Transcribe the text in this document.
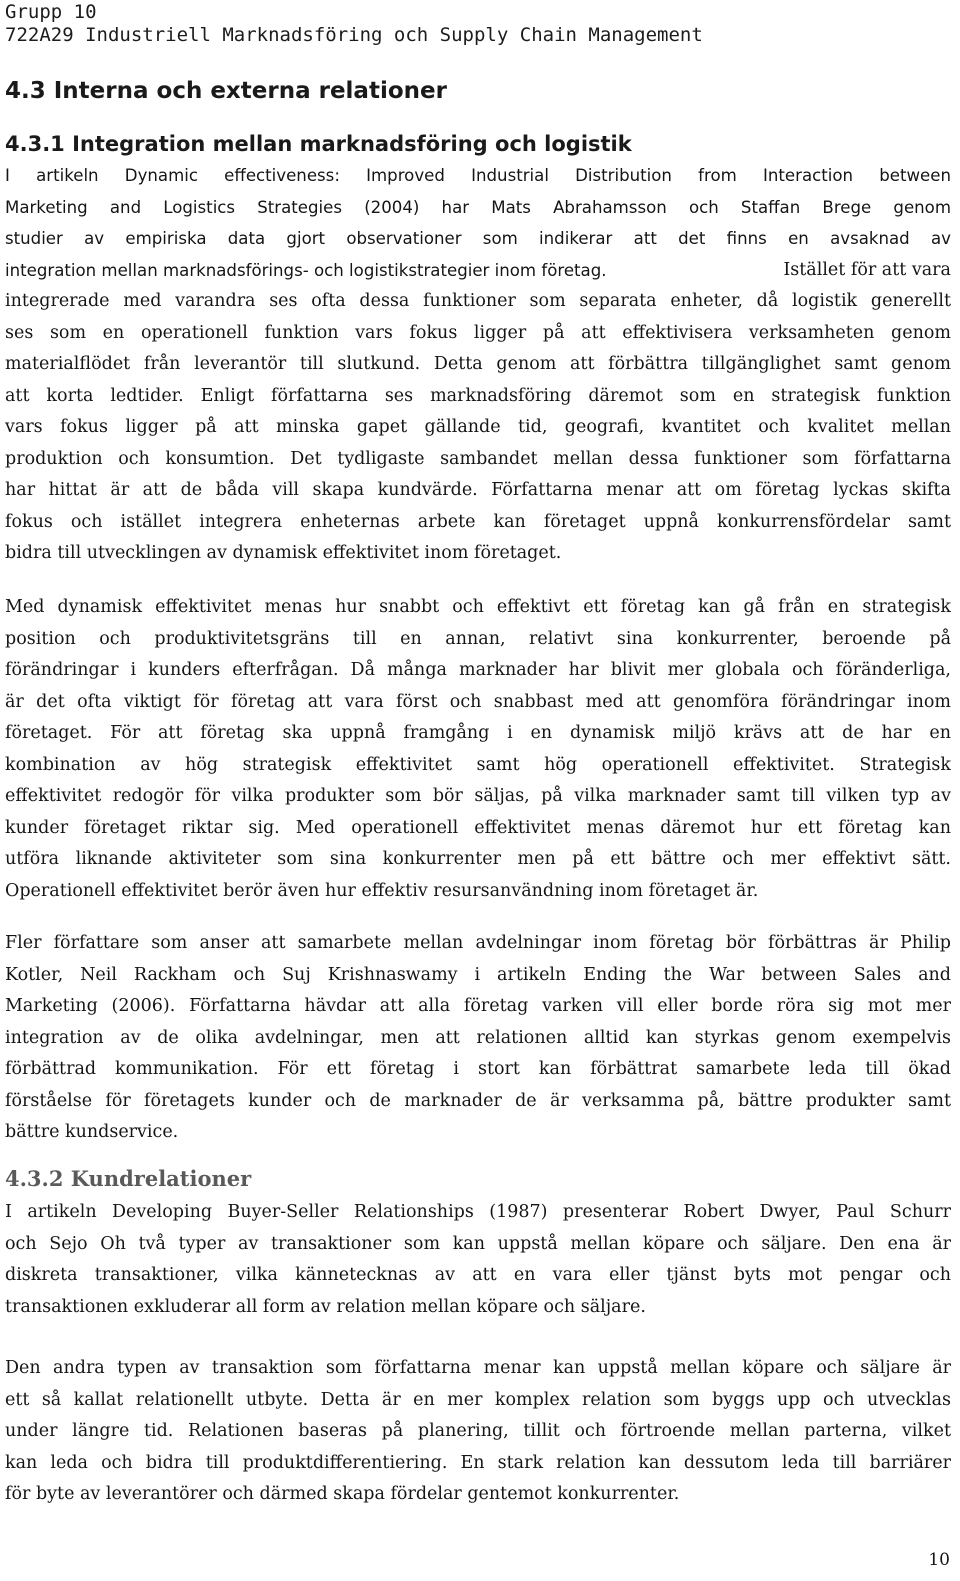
Grupp 10
722A29 Industriell Marknadsföring och Supply Chain Management
4.3 Interna och externa relationer
4.3.1 Integration mellan marknadsföring och logistik
I artikeln Dynamic effectiveness: Improved Industrial Distribution from Interaction between
Marketing and Logistics Strategies (2004) har Mats Abrahamsson och Staffan Brege genom
studier av empiriska data gjort observationer som indikerar att det finns en avsaknad av
integration mellan marknadsförings- och logistikstrategier inom företag.	Istället för att vara
integrerade med varandra ses ofta dessa funktioner som separata enheter, då logistik generellt
ses som en operationell funktion vars fokus ligger på att effektivisera verksamheten genom
materialflödet från leverantör till slutkund. Detta genom att förbättra tillgänglighet samt genom
att korta ledtider. Enligt författarna ses marknadsföring däremot som en strategisk funktion
vars fokus ligger på att minska gapet gällande tid, geografi, kvantitet och kvalitet mellan
produktion och konsumtion. Det tydligaste sambandet mellan dessa funktioner som författarna
har hittat är att de båda vill skapa kundvärde. Författarna menar att om företag lyckas skifta
fokus och istället integrera enheternas arbete kan företaget uppnå konkurrensfördelar samt
bidra till utvecklingen av dynamisk effektivitet inom företaget.
Med dynamisk effektivitet menas hur snabbt och effektivt ett företag kan gå från en strategisk
position och produktivitetsgräns till en annan, relativt sina konkurrenter, beroende på
förändringar i kunders efterfrågan. Då många marknader har blivit mer globala och föränderliga,
är det ofta viktigt för företag att vara först och snabbast med att genomföra förändringar inom
företaget. För att företag ska uppnå framgång i en dynamisk miljö krävs att de har en
kombination av hög strategisk effektivitet samt hög operationell effektivitet. Strategisk
effektivitet redogör för vilka produkter som bör säljas, på vilka marknader samt till vilken typ av
kunder företaget riktar sig. Med operationell effektivitet menas däremot hur ett företag kan
utföra liknande aktiviteter som sina konkurrenter men på ett bättre och mer effektivt sätt.
Operationell effektivitet berör även hur effektiv resursanvändning inom företaget är.
Fler författare som anser att samarbete mellan avdelningar inom företag bör förbättras är Philip
Kotler, Neil Rackham och Suj Krishnaswamy i artikeln Ending the War between Sales and
Marketing (2006). Författarna hävdar att alla företag varken vill eller borde röra sig mot mer
integration av de olika avdelningar, men att relationen alltid kan styrkas genom exempelvis
förbättrad kommunikation. För ett företag i stort kan förbättrat samarbete leda till ökad
förståelse för företagets kunder och de marknader de är verksamma på, bättre produkter samt
bättre kundservice.
4.3.2 Kundrelationer
I artikeln Developing Buyer-Seller Relationships (1987) presenterar Robert Dwyer, Paul Schurr
och Sejo Oh två typer av transaktioner som kan uppstå mellan köpare och säljare. Den ena är
diskreta transaktioner, vilka kännetecknas av att en vara eller tjänst byts mot pengar och
transaktionen exkluderar all form av relation mellan köpare och säljare.
Den andra typen av transaktion som författarna menar kan uppstå mellan köpare och säljare är
ett så kallat relationellt utbyte. Detta är en mer komplex relation som byggs upp och utvecklas
under längre tid. Relationen baseras på planering, tillit och förtroende mellan parterna, vilket
kan leda och bidra till produktdifferentiering. En stark relation kan dessutom leda till barriärer
för byte av leverantörer och därmed skapa fördelar gentemot konkurrenter.
10
